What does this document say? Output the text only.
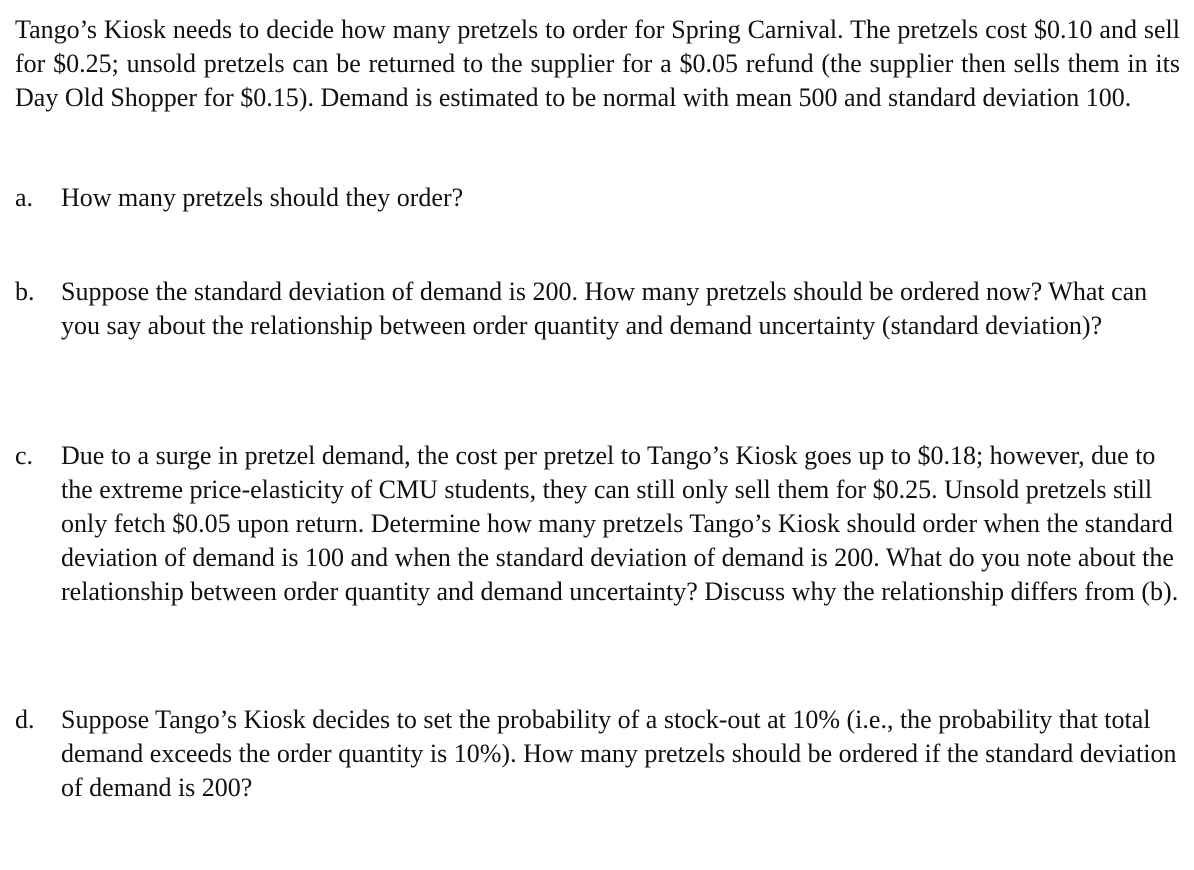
Tango’s Kiosk needs to decide how many pretzels to order for Spring Carnival. The pretzels cost $0.10 and sell for $0.25; unsold pretzels can be returned to the supplier for a $0.05 refund (the supplier then sells them in its Day Old Shopper for $0.15). Demand is estimated to be normal with mean 500 and standard deviation 100.

a.	How many pretzels should they order?
b.	Suppose the standard deviation of demand is 200. How many pretzels should be ordered now? What can you say about the relationship between order quantity and demand uncertainty (standard deviation)?
c.	Due to a surge in pretzel demand, the cost per pretzel to Tango’s Kiosk goes up to $0.18; however, due to the extreme price-elasticity of CMU students, they can still only sell them for $0.25. Unsold pretzels still only fetch $0.05 upon return. Determine how many pretzels Tango’s Kiosk should order when the standard deviation of demand is 100 and when the standard deviation of demand is 200. What do you note about the relationship between order quantity and demand uncertainty? Discuss why the relationship differs from (b).
d.	Suppose Tango’s Kiosk decides to set the probability of a stock-out at 10% (i.e., the probability that total demand exceeds the order quantity is 10%). How many pretzels should be ordered if the standard deviation of demand is 200?
